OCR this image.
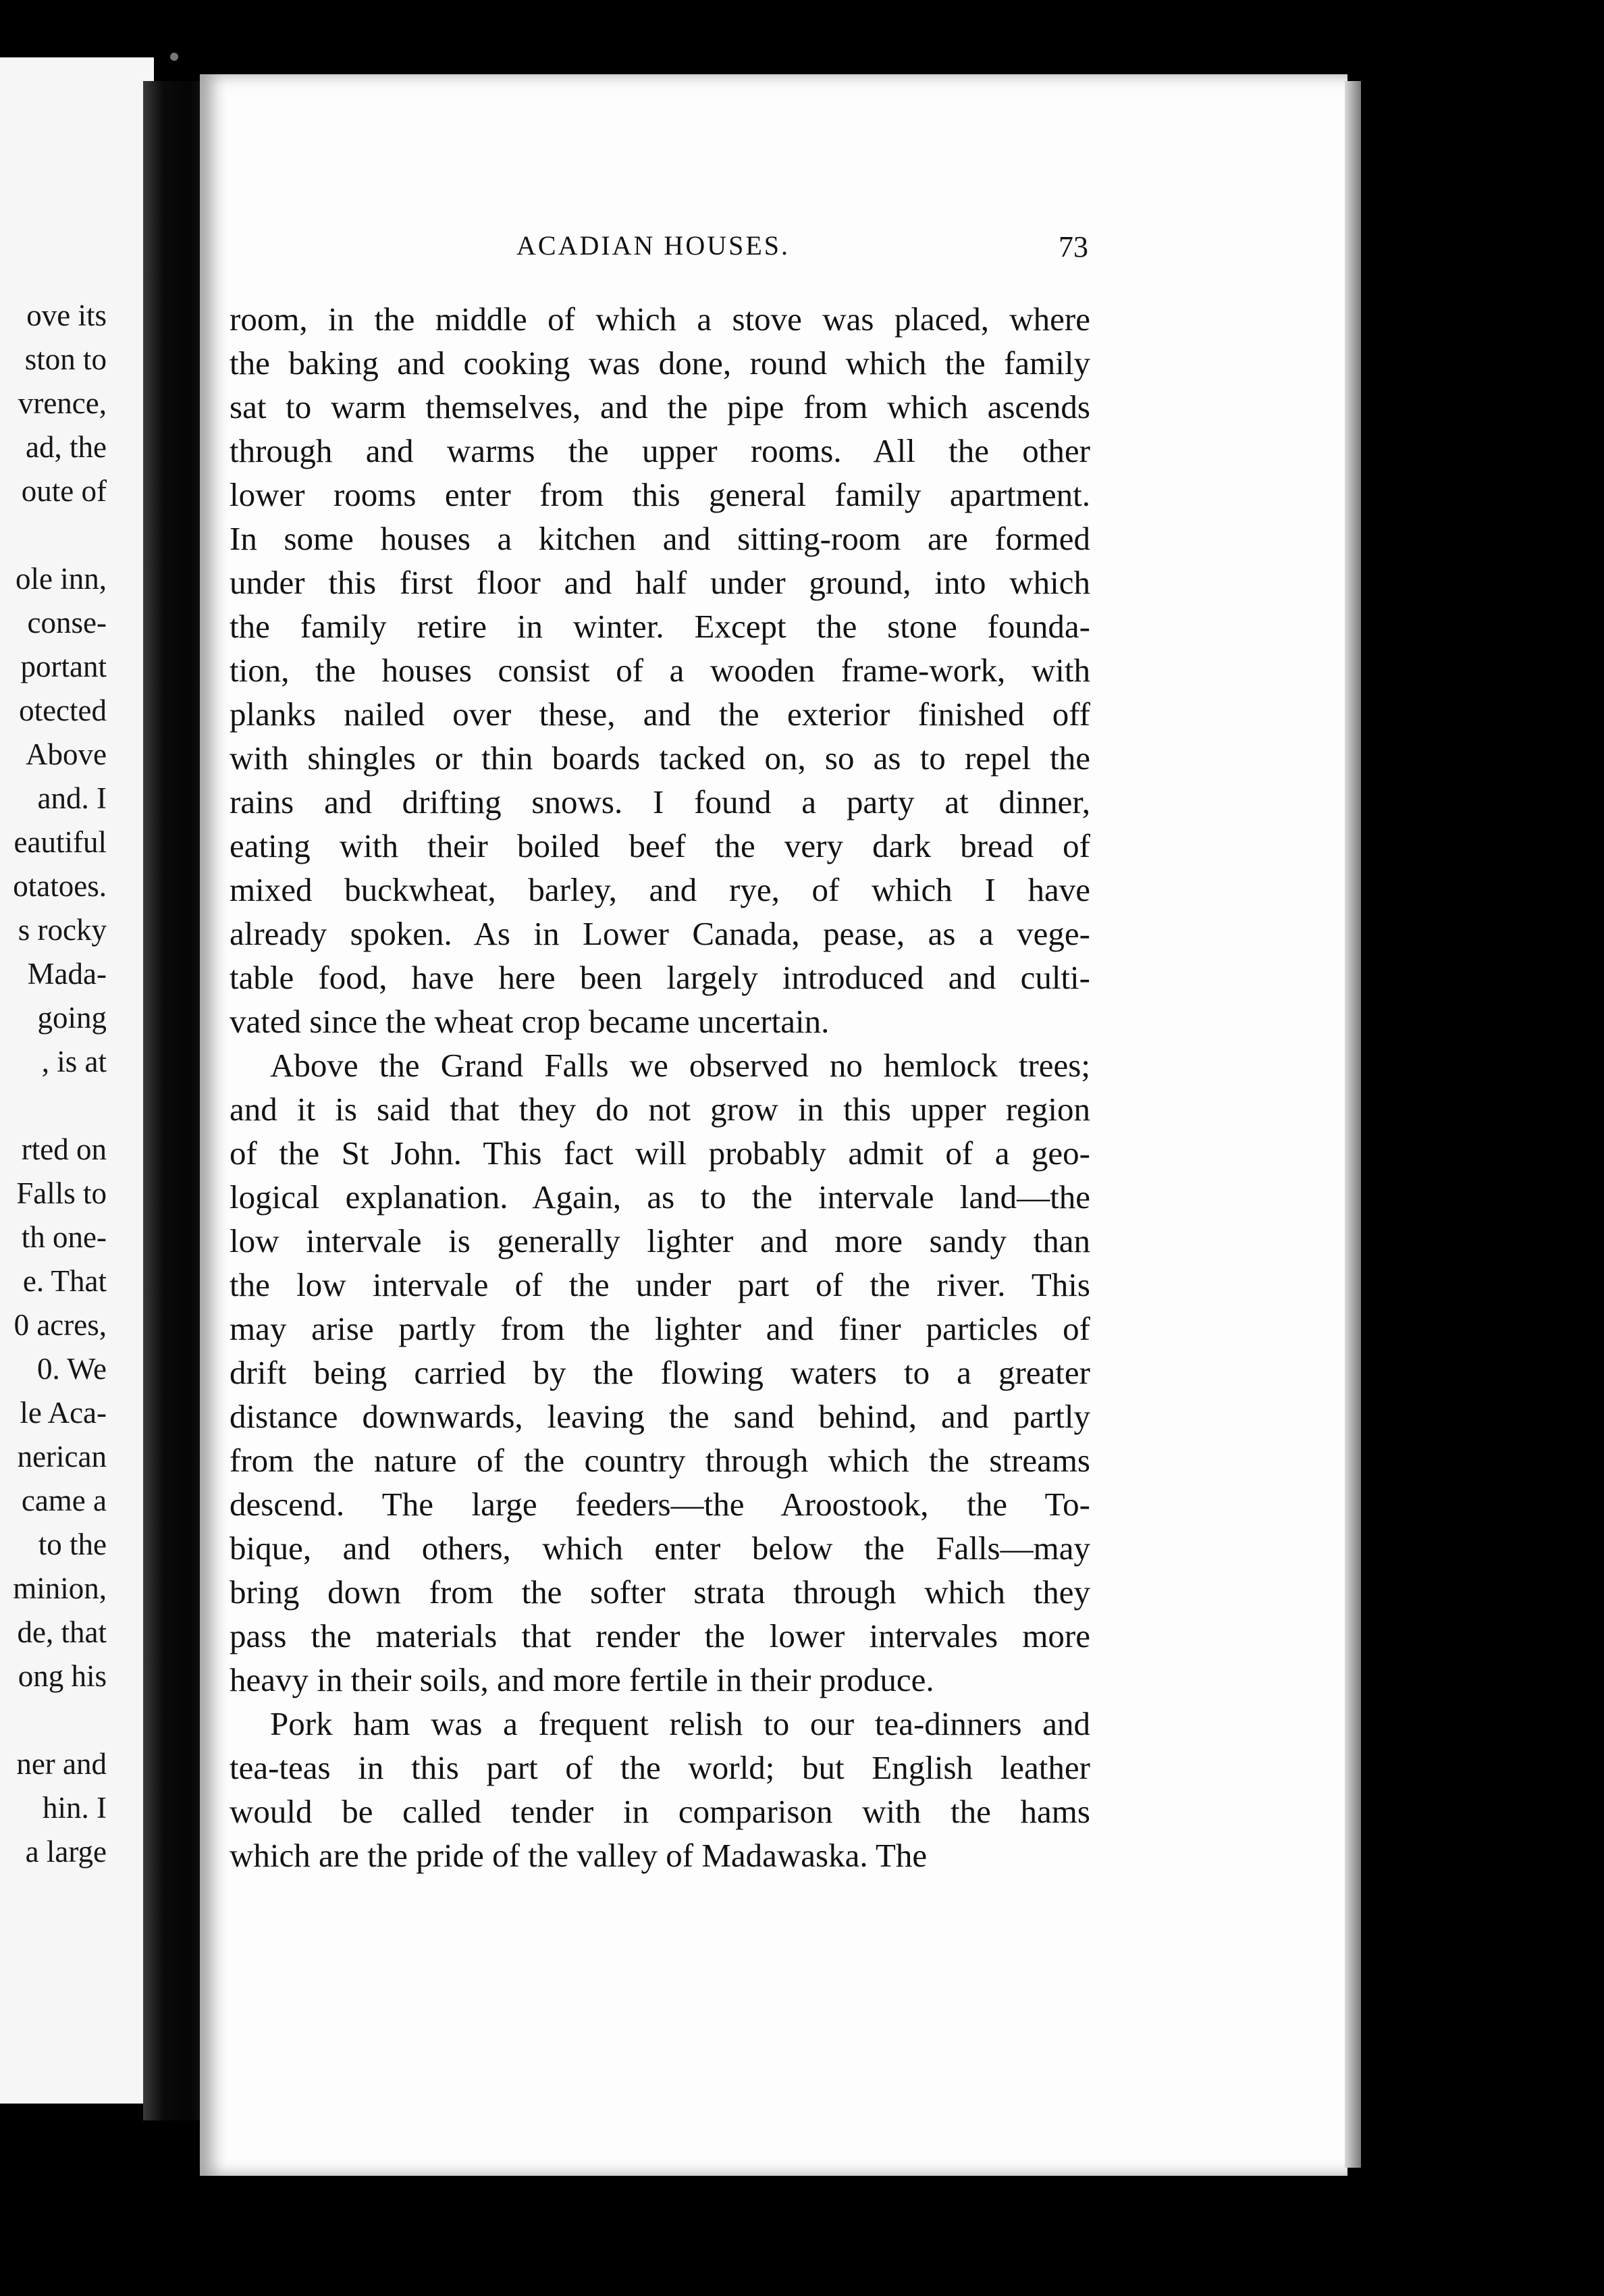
ove its
ston to
vrence,
ad, the
oute of
ole inn,
conse-
portant
otected
Above
and. I
eautiful
otatoes.
s rocky
Mada-
going
, is at
rted on
Falls to
th one-
e. That
0 acres,
0. We
le Aca-
nerican
came a
to the
minion,
de, that
ong his
ner and
hin. I
a large
ACADIAN HOUSES.	73
room, in the middle of which a stove was placed, where
the baking and cooking was done, round which the family
sat to warm themselves, and the pipe from which ascends
through and warms the upper rooms. All the other
lower rooms enter from this general family apartment.
In some houses a kitchen and sitting-room are formed
under this first floor and half under ground, into which
the family retire in winter. Except the stone founda-
tion, the houses consist of a wooden frame-work, with
planks nailed over these, and the exterior finished off
with shingles or thin boards tacked on, so as to repel the
rains and drifting snows. I found a party at dinner,
eating with their boiled beef the very dark bread of
mixed buckwheat, barley, and rye, of which I have
already spoken. As in Lower Canada, pease, as a vege-
table food, have here been largely introduced and culti-
vated since the wheat crop became uncertain.
Above the Grand Falls we observed no hemlock trees;
and it is said that they do not grow in this upper region
of the St John. This fact will probably admit of a geo-
logical explanation. Again, as to the intervale land—the
low intervale is generally lighter and more sandy than
the low intervale of the under part of the river. This
may arise partly from the lighter and finer particles of
drift being carried by the flowing waters to a greater
distance downwards, leaving the sand behind, and partly
from the nature of the country through which the streams
descend. The large feeders—the Aroostook, the To-
bique, and others, which enter below the Falls—may
bring down from the softer strata through which they
pass the materials that render the lower intervales more
heavy in their soils, and more fertile in their produce.
Pork ham was a frequent relish to our tea-dinners and
tea-teas in this part of the world; but English leather
would be called tender in comparison with the hams
which are the pride of the valley of Madawaska. The
